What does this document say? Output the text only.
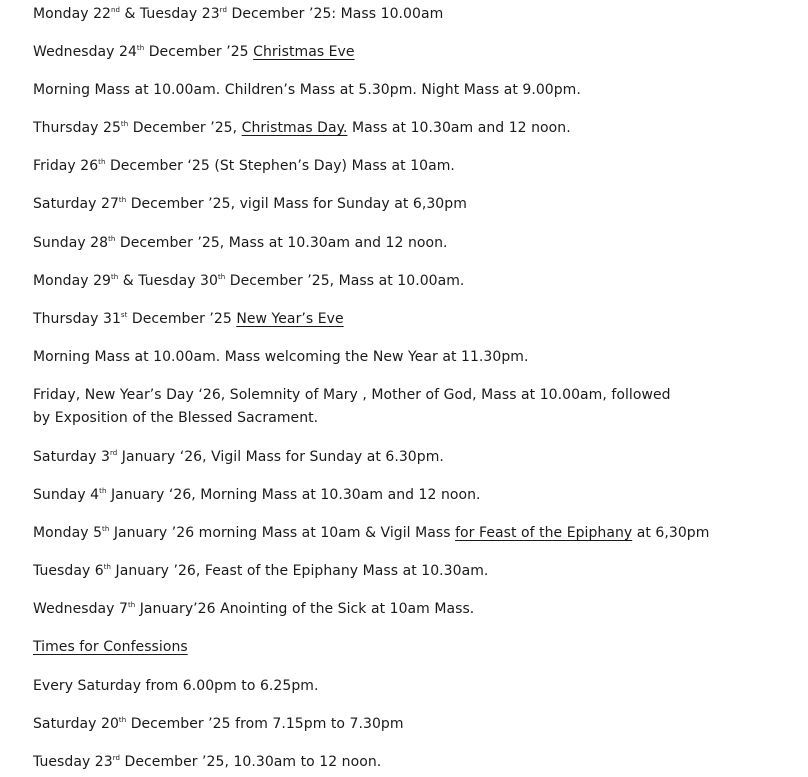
Monday 22nd & Tuesday 23rd December ’25: Mass 10.00am
Wednesday 24th December ’25 Christmas Eve
Morning Mass at 10.00am. Children’s Mass at 5.30pm. Night Mass at 9.00pm.
Thursday 25th December ’25, Christmas Day. Mass at 10.30am and 12 noon.
Friday 26th December ‘25 (St Stephen’s Day) Mass at 10am.
Saturday 27th December ’25, vigil Mass for Sunday at 6,30pm
Sunday 28th December ’25, Mass at 10.30am and 12 noon.
Monday 29th & Tuesday 30th December ’25, Mass at 10.00am.
Thursday 31st December ’25 New Year’s Eve
Morning Mass at 10.00am. Mass welcoming the New Year at 11.30pm.
Friday, New Year’s Day ‘26, Solemnity of Mary , Mother of God, Mass at 10.00am, followed by Exposition of the Blessed Sacrament.
Saturday 3rd January ‘26, Vigil Mass for Sunday at 6.30pm.
Sunday 4th January ‘26, Morning Mass at 10.30am and 12 noon.
Monday 5th January ’26 morning Mass at 10am & Vigil Mass for Feast of the Epiphany at 6,30pm
Tuesday 6th January ’26, Feast of the Epiphany Mass at 10.30am.
Wednesday 7th January’26 Anointing of the Sick at 10am Mass.
Times for Confessions
Every Saturday from 6.00pm to 6.25pm.
Saturday 20th December ’25 from 7.15pm to 7.30pm
Tuesday 23rd December ’25, 10.30am to 12 noon.
